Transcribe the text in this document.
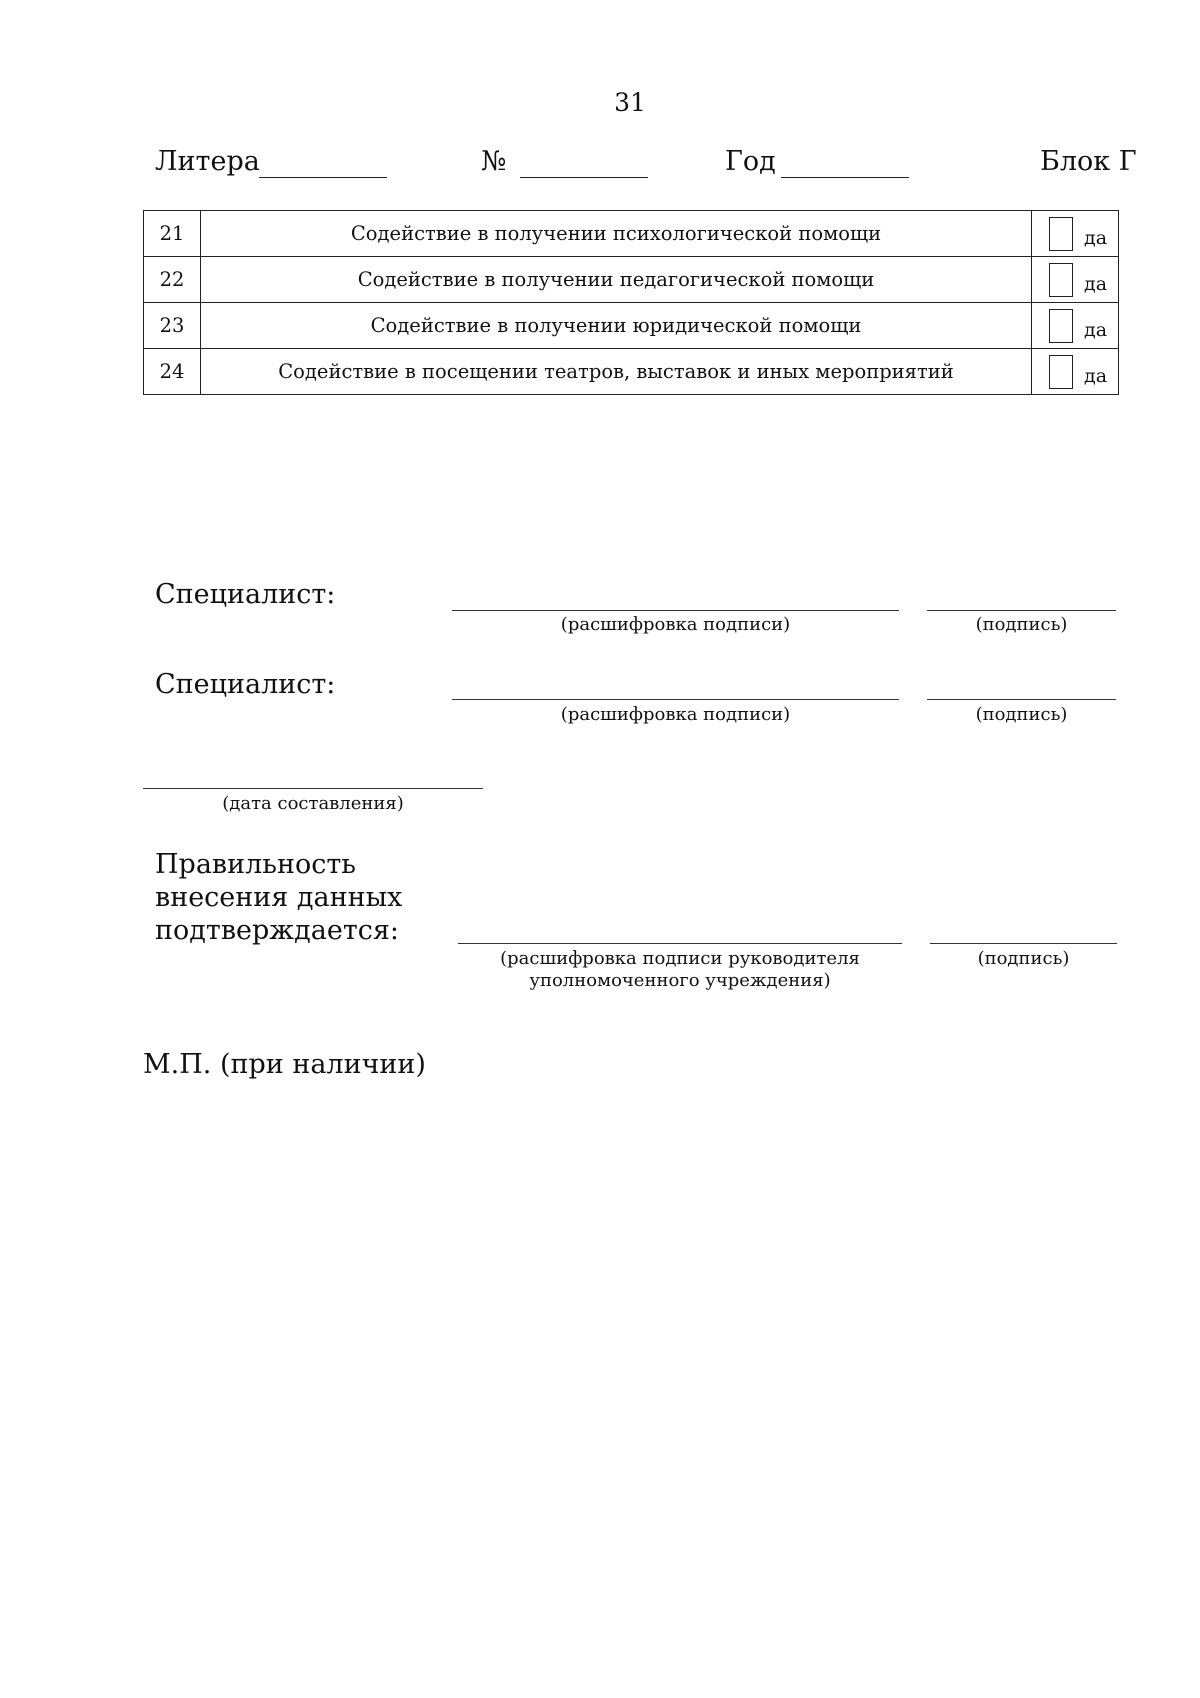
31
Литера	№	Год	Блок Г
21	Содействие в получении психологической помощи	да

22	Содействие в получении педагогической помощи	да

23	Содействие в получении юридической помощи	да

24	Содействие в посещении театров, выставок и иных мероприятий	да
Специалист:
(расшифровка подписи)	(подпись)
Специалист:
(расшифровка подписи)	(подпись)
(дата составления)
Правильность
внесения данных
подтверждается:
(расшифровка подписи руководителя
уполномоченного учреждения)
(подпись)
М.П. (при наличии)
